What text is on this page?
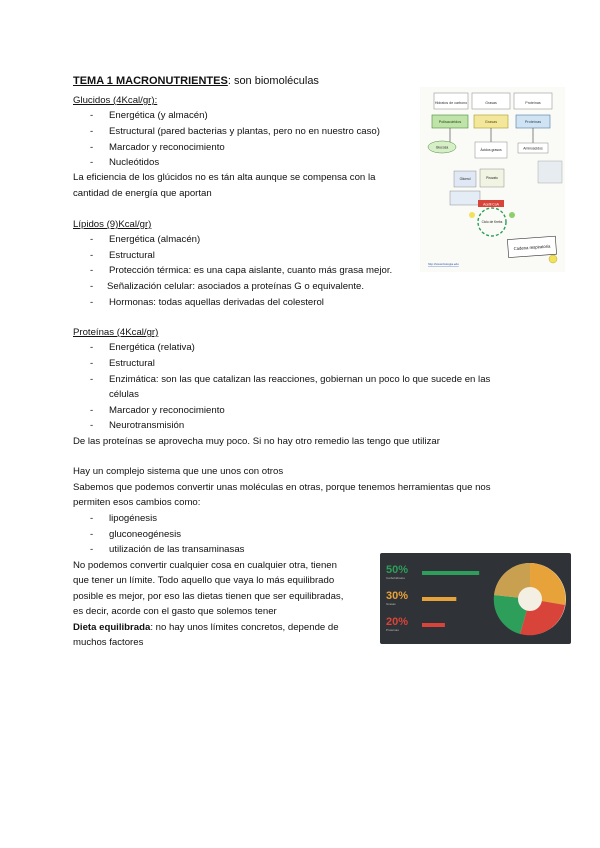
TEMA 1 MACRONUTRIENTES: son biomoléculas
Glucidos (4Kcal/gr):
- Energética (y almacén)
- Estructural (pared bacterias y plantas, pero no en nuestro caso)
- Marcador y reconocimiento
- Nucleótidos
La eficiencia de los glúcidos no es tán alta aunque se compensa con la
cantidad de energía que aportan
Lípidos (9)Kcal/gr)
- Energética (almacén)
- Estructural
- Protección térmica: es una capa aislante, cuanto más grasa mejor.
- Señalización celular: asociados a proteínas G o equivalente.
- Hormonas: todas aquellas derivadas del colesterol
Proteínas (4Kcal/gr)
- Energética (relativa)
- Estructural
- Enzimática: son las que catalizan las reacciones, gobiernan un poco lo que sucede en las
células
- Marcador y reconocimiento
- Neurotransmisión
De las proteínas se aprovecha muy poco. Si no hay otro remedio las tengo que utilizar
Hay un complejo sistema que une unos con otros
Sabemos que podemos convertir unas moléculas en otras, porque tenemos herramientas que nos
permiten esos cambios como:
- lipogénesis
- gluconeogénesis
- utilización de las transaminasas
No podemos convertir cualquier cosa en cualquier otra, tienen
que tener un límite. Todo aquello que vaya lo más equilibrado
posible es mejor, por eso las dietas tienen que ser equilibradas,
es decir, acorde con el gasto que solemos tener
Dieta equilibrada: no hay unos límites concretos, depende de
muchos factores
Hidratos de carbono	Grasas	Proteínas
Polisacáridos	Grasas	Proteínas
Glucosa
Ácidos grasos	Aminoácidos
Glicerol	Piruvato
Acetil CoA
Ciclo de Krebs
Cadena respiratoria
http://www.biologia.edu
50%
Carbohidratos
30%
Grasas
20%
Proteínas
